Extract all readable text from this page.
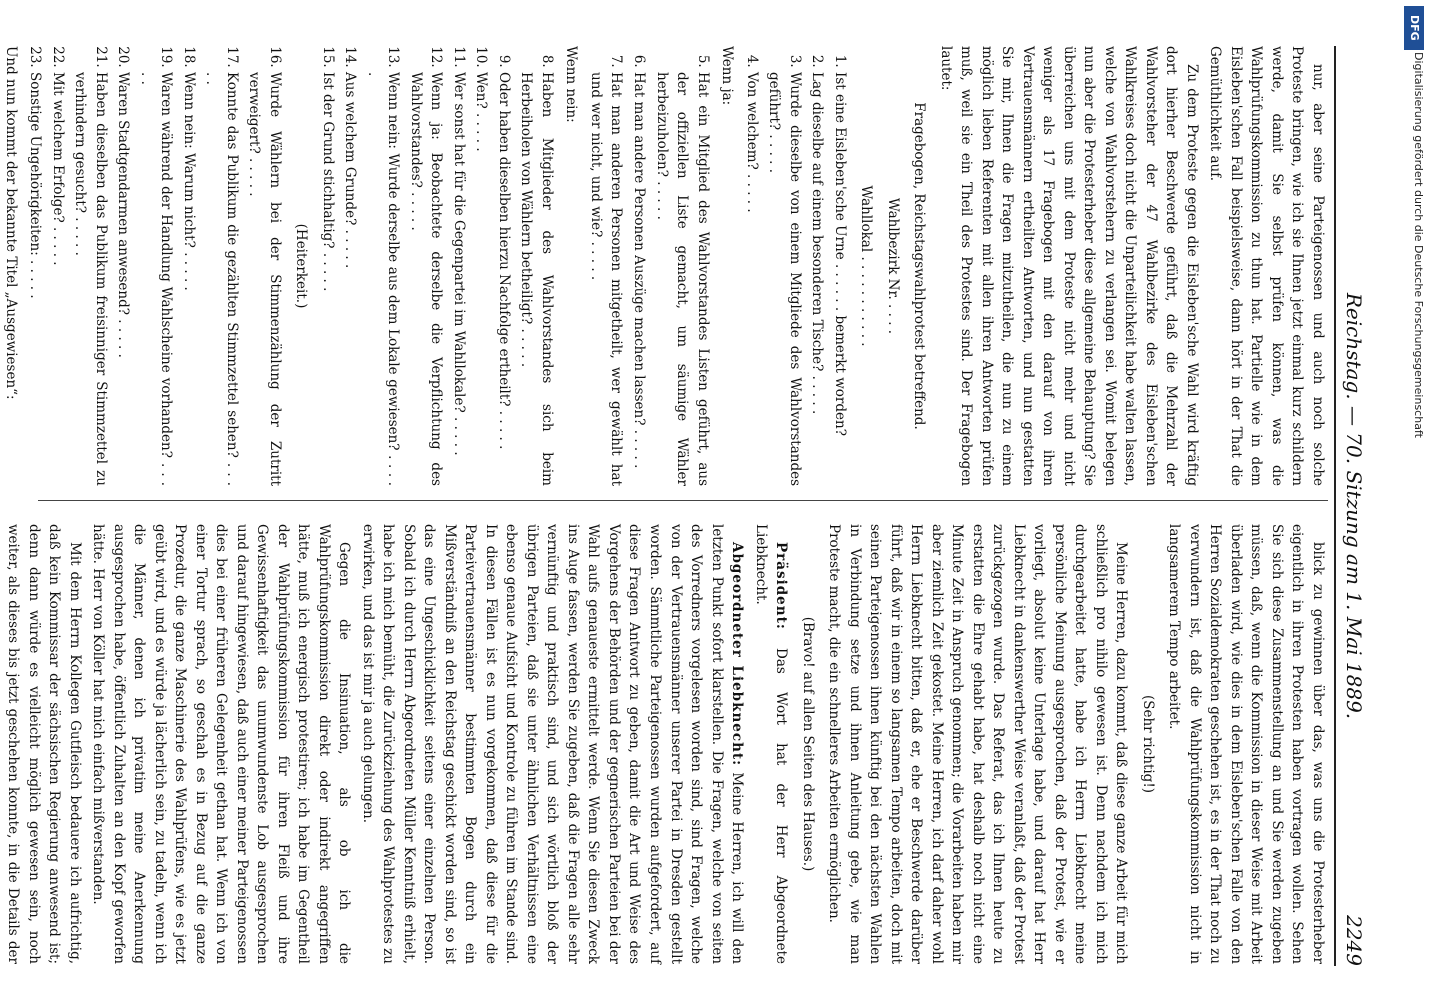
Reichstag. — 70. Sitzung am 1. Mai 1889.
2249

nur, aber seine Parteigenossen und auch noch solche Proteste bringen, wie ich sie Ihnen jetzt einmal kurz schildern werde, damit Sie selbst prüfen können, was die Wahlprüfungskommission zu thun hat. Partielle wie in dem Eisleben'schen Fall beispielsweise, dann hört in der That die Gemüthlichkeit auf.

Zu dem Proteste gegen die Eisleben'sche Wahl wird kräftig dort hierher Beschwerde geführt, daß die Mehrzahl der Wahlvorsteher der 47 Wahlbezirke des Eisleben'schen Wahlkreises doch nicht die Unparteilichkeit habe walten lassen, welche von Wahlvorstehern zu verlangen sei. Womit belegen nun aber die Protesterheber diese allgemeine Behauptung? Sie überreichen uns mit dem Proteste nicht mehr und nicht weniger als 17 Fragebogen mit den darauf von ihren Vertrauensmännern ertheilten Antworten, und nun gestatten Sie mir, Ihnen die Fragen mitzutheilen, die nun zu einem möglich lieben Referenten mit allen ihren Antworten prüfen muß, weil sie ein Theil des Protestes sind. Der Fragebogen lautet:

Fragebogen, Reichstagswahlprotest betreffend.

Wahlbezirk Nr. . . . .

Wahllokal . . . . . . . . . . .

1. Ist eine Eisleben'sche Urne . . . . . . bemerkt worden?
2. Lag dieselbe auf einem besonderen Tische? . . . . .
3. Wurde dieselbe von einem Mitgliede des Wahlvorstandes geführt? . . . . .
4. Von welchem? . . . . .
Wenn ja:
5. Hat ein Mitglied des Wahlvorstandes Listen geführt, aus der offiziellen Liste gemacht, um säumige Wähler herbeizuholen? . . . . .
6. Hat man andere Personen Auszüge machen lassen? . . . . .
7. Hat man anderen Personen mitgetheilt, wer gewählt hat und wer nicht, und wie? . . . . .
Wenn nein:
8. Haben Mitglieder des Wahlvorstandes sich beim Herbeiholen von Wählern betheiligt? . . . . .
9. Oder haben dieselben hierzu Nachfolge ertheilt? . . . . .
10. Wen? . . . . .
11. Wer sonst hat für die Gegenpartei im Wahllokale? . . . . .
12. Wenn ja: Beobachtete derselbe die Verpflichtung des Wahlvorstandes? . . . . .
13. Wenn nein: Wurde derselbe aus dem Lokale gewiesen? . . . . .
14. Aus welchem Grunde? . . . . .
15. Ist der Grund stichhaltig? . . . . .

(Heiterkeit.)

16. Wurde Wählern bei der Stimmenzählung der Zutritt verweigert? . . . . .
17. Konnte das Publikum die gezählten Stimmzettel sehen? . . . . .
18. Wenn nein: Warum nicht? . . . . .
19. Waren während der Handlung Wahlscheine vorhanden? . . . . .
20. Waren Stadtgendarmen anwesend? . . . . .
21. Haben dieselben das Publikum freisinniger Stimmzettel zu verhindern gesucht? . . . . .
22. Mit welchem Erfolge? . . . . .
23. Sonstige Ungehörigkeiten: . . . . .
Und nun kommt der bekannte Titel „Ausgewiesen“:

blick zu gewinnen über das, was uns die Protesterheber eigentlich in ihren Protesten haben vortragen wollen. Sehen Sie sich diese Zusammenstellung an und Sie werden zugeben müssen, daß, wenn die Kommission in dieser Weise mit Arbeit überladen wird, wie dies in dem Eisleben'schen Falle von den Herren Sozialdemokraten geschehen ist, es in der That noch zu verwundern ist, daß die Wahlprüfungskommission nicht in langsamerem Tempo arbeitet.

(Sehr richtig!)

Meine Herren, dazu kommt, daß diese ganze Arbeit für mich schließlich pro nihilo gewesen ist. Denn nachdem ich mich durchgearbeitet hatte, habe ich Herrn Liebknecht meine persönliche Meinung ausgesprochen, daß der Protest, wie er vorliegt, absolut keine Unterlage habe, und darauf hat Herr Liebknecht in dankenswerther Weise veranlaßt, daß der Protest zurückgezogen wurde. Das Referat, das ich Ihnen heute zu erstatten die Ehre gehabt habe, hat deshalb noch nicht eine Minute Zeit in Anspruch genommen; die Vorarbeiten haben mir aber ziemlich Zeit gekostet. Meine Herren, ich darf daher wohl Herrn Liebknecht bitten, daß er, ehe er Beschwerde darüber führt, daß wir in einem so langsamen Tempo arbeiten, doch mit seinen Parteigenossen ihnen künftig bei den nächsten Wahlen in Verbindung setze und ihnen Anleitung gebe, wie man Proteste macht, die ein schnelleres Arbeiten ermöglichen.

(Bravo! auf allen Seiten des Hauses.)

Präsident: Das Wort hat der Herr Abgeordnete Liebknecht.

Abgeordneter Liebknecht: Meine Herren, ich will den letzten Punkt sofort klarstellen. Die Fragen, welche von seiten des Vorredners vorgelesen worden sind, sind Fragen, welche von der Vertrauensmänner unserer Partei in Dresden gestellt worden. Sämmtliche Parteigenossen wurden aufgefordert, auf diese Fragen Antwort zu geben, damit die Art und Weise des Vorgehens der Behörden und der gegnerischen Parteien bei der Wahl aufs genaueste ermittelt werde. Wenn Sie diesen Zweck ins Auge fassen, werden Sie zugeben, daß die Fragen alle sehr vernünftig und praktisch sind, und sich wörtlich bloß der übrigen Parteien, daß sie unter ähnlichen Verhältnissen eine ebenso genaue Aufsicht und Kontrole zu führen im Stande sind. In diesen Fällen ist es nun vorgekommen, daß diese für die Parteivertrauensmänner bestimmten Bogen durch ein Mißverständniß an den Reichstag geschickt worden sind, so ist das eine Ungeschicklichkeit seitens einer einzelnen Person. Sobald ich durch Herrn Abgeordneten Müller Kenntniß erhielt, habe ich mich bemüht, die Zurückziehung des Wahlprotestes zu erwirken, und das ist mir ja auch gelungen.

Gegen die Insinuation, als ob ich die Wahlprüfungskommission direkt oder indirekt angegriffen hätte, muß ich energisch protestiren; ich habe im Gegentheil der Wahlprüfungskommission für ihren Fleiß und ihre Gewissenhaftigkeit das unumwundenste Lob ausgesprochen und darauf hingewiesen, daß auch einer meiner Parteigenossen dies bei einer früheren Gelegenheit gethan hat. Wenn ich von einer Tortur sprach, so geschah es in Bezug auf die ganze Prozedur, die ganze Maschinerie des Wahlprüfens, wie es jetzt geübt wird, und es würde ja lächerlich sein, zu tadeln, wenn ich die Männer, denen ich privatim meine Anerkennung ausgesprochen habe, öffentlich Zuhalten an den Kopf geworfen hätte. Herr von Köller hat mich einfach mißverstanden.

Mit dem Herrn Kollegen Gutfleisch bedauere ich aufrichtig, daß kein Kommissar der sächsischen Regierung anwesend ist; denn dann würde es vielleicht möglich gewesen sein, noch weiter, als dieses bis jetzt geschehen konnte, in die Details der

DFG
Digitalisierung gefördert durch die Deutsche Forschungsgemeinschaft
